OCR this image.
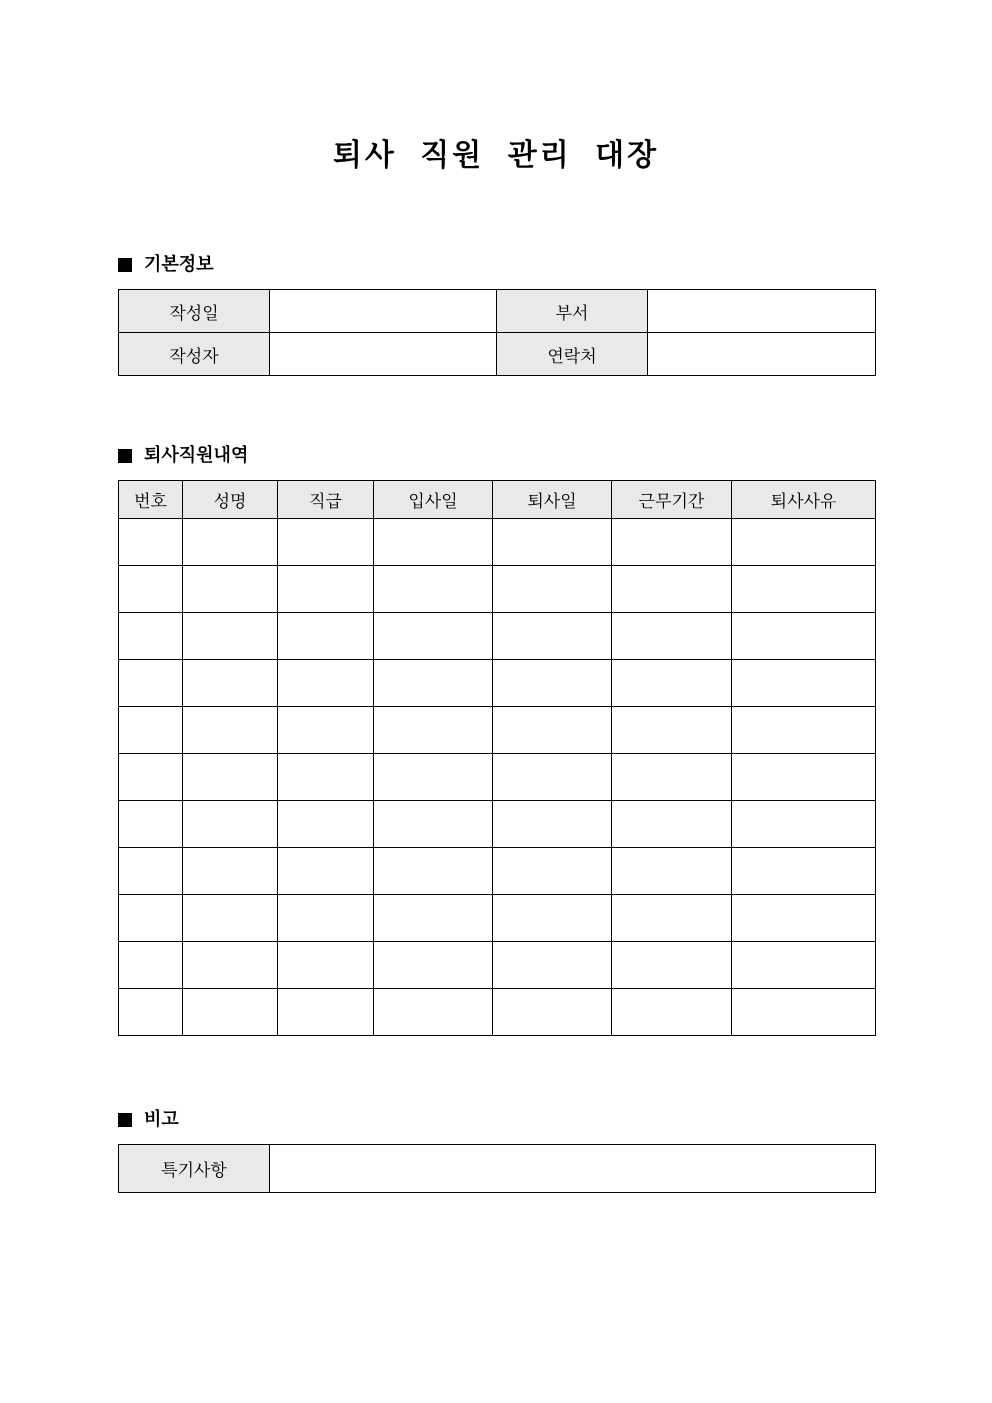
퇴사 직원 관리 대장
기본정보
작성일		부서	
작성자		연락처	
퇴사직원내역
번호	성명	직급	입사일	퇴사일	근무기간	퇴사사유

비고
특기사항	
